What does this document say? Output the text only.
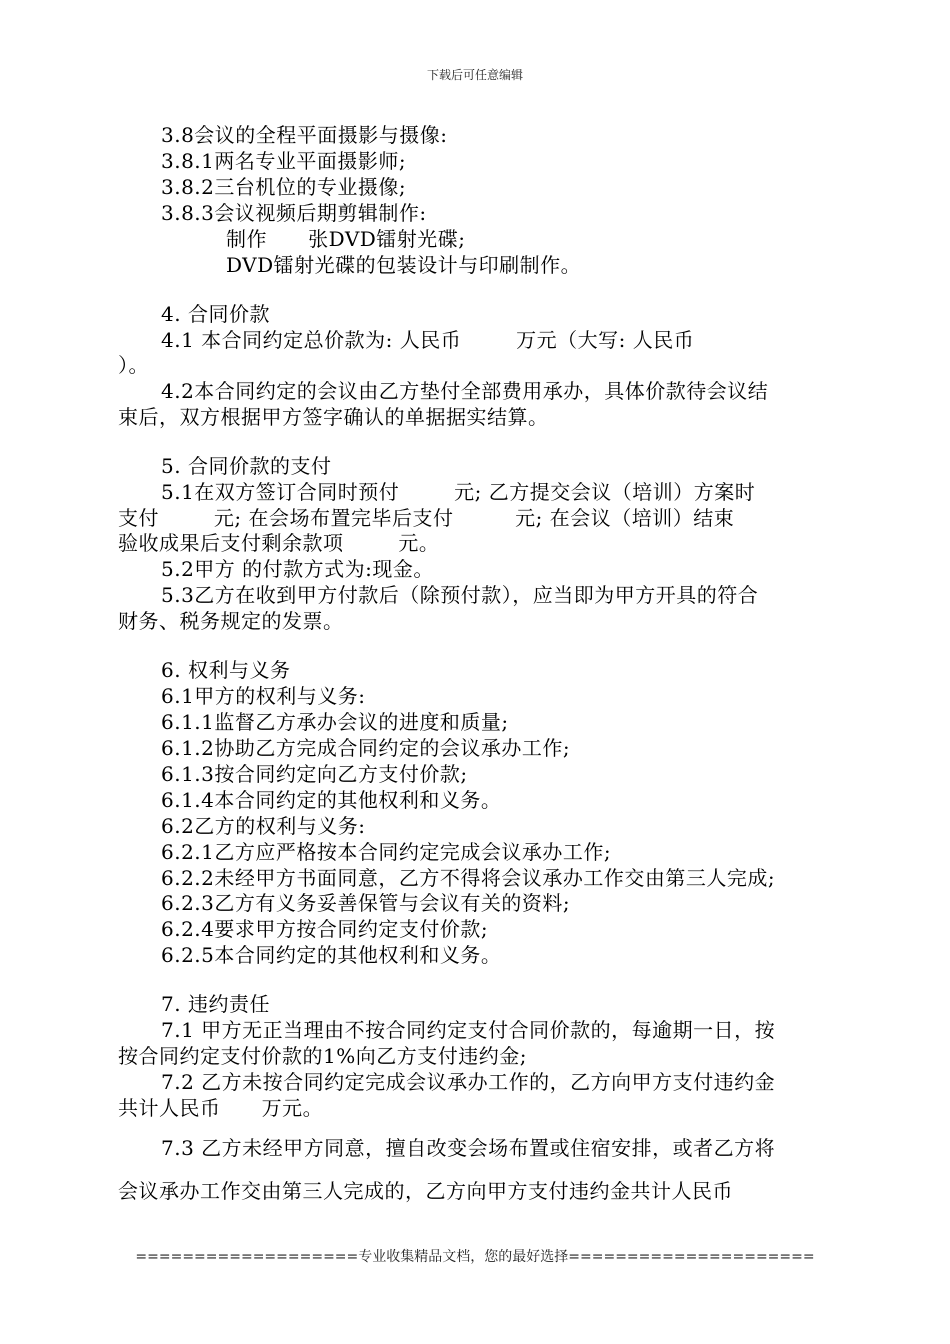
下载后可任意编辑
3.8会议的全程平面摄影与摄像:
3.8.1两名专业平面摄影师;
3.8.2三台机位的专业摄像;
3.8.3会议视频后期剪辑制作:
制作      张DVD镭射光碟;
DVD镭射光碟的包装设计与印刷制作。
4. 合同价款
4.1 本合同约定总价款为: 人民币        万元（大写: 人民币
）。
4.2本合同约定的会议由乙方垫付全部费用承办，具体价款待会议结
束后，双方根据甲方签字确认的单据据实结算。
5. 合同价款的支付
5.1在双方签订合同时预付        元; 乙方提交会议（培训）方案时
支付        元; 在会场布置完毕后支付         元; 在会议（培训）结束
验收成果后支付剩余款项        元。
5.2甲方 的付款方式为:现金。
5.3乙方在收到甲方付款后（除预付款），应当即为甲方开具的符合
财务、税务规定的发票。
6. 权利与义务
6.1甲方的权利与义务:
6.1.1监督乙方承办会议的进度和质量;
6.1.2协助乙方完成合同约定的会议承办工作;
6.1.3按合同约定向乙方支付价款;
6.1.4本合同约定的其他权利和义务。
6.2乙方的权利与义务:
6.2.1乙方应严格按本合同约定完成会议承办工作;
6.2.2未经甲方书面同意，乙方不得将会议承办工作交由第三人完成;
6.2.3乙方有义务妥善保管与会议有关的资料;
6.2.4要求甲方按合同约定支付价款;
6.2.5本合同约定的其他权利和义务。
7. 违约责任
7.1 甲方无正当理由不按合同约定支付合同价款的，每逾期一日，按
按合同约定支付价款的1%向乙方支付违约金;
7.2 乙方未按合同约定完成会议承办工作的，乙方向甲方支付违约金
共计人民币      万元。
7.3 乙方未经甲方同意，擅自改变会场布置或住宿安排，或者乙方将
会议承办工作交由第三人完成的，乙方向甲方支付违约金共计人民币
===================专业收集精品文档，您的最好选择=====================
